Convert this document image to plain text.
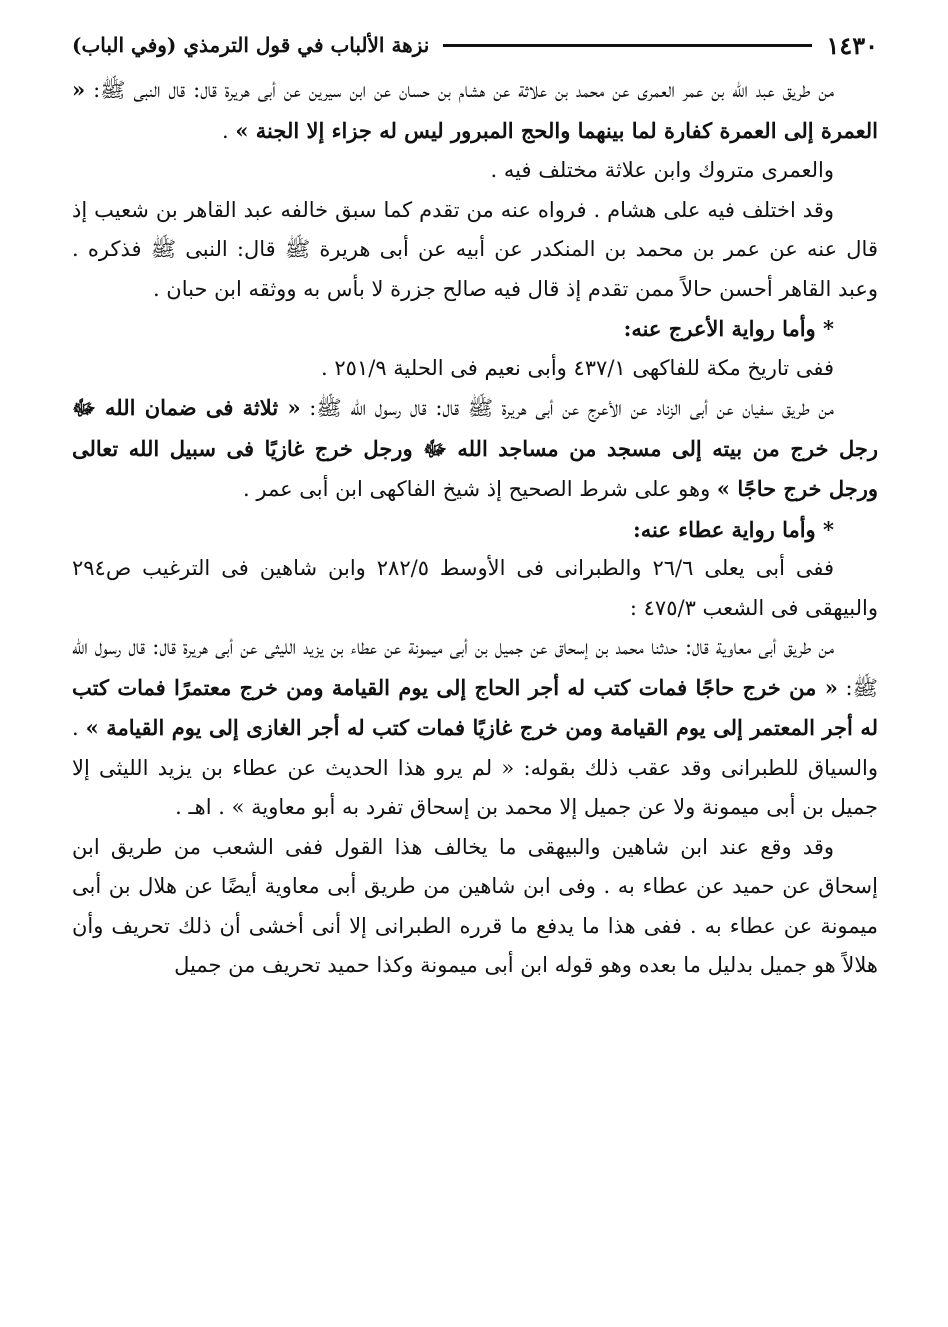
١٤٣٠
نزهة الألباب في قول الترمذي (وفي الباب)

من طريق عبد الله بن عمر العمرى عن محمد بن علاثة عن هشام بن حسان عن ابن سيرين عن أبى هريرة قال: قال النبى ﷺ: « العمرة إلى العمرة كفارة لما بينهما والحج المبرور ليس له جزاء إلا الجنة » .

والعمرى متروك وابن علاثة مختلف فيه .

وقد اختلف فيه على هشام . فرواه عنه من تقدم كما سبق خالفه عبد القاهر بن شعيب إذ قال عنه عن عمر بن محمد بن المنكدر عن أبيه عن أبى هريرة ﷺ قال: النبى ﷺ فذكره . وعبد القاهر أحسن حالاً ممن تقدم إذ قال فيه صالح جزرة لا بأس به ووثقه ابن حبان .

* وأما رواية الأعرج عنه:

ففى تاريخ مكة للفاكهى ٤٣٧/١ وأبى نعيم فى الحلية ٢٥١/٩ .

من طريق سفيان عن أبى الزناد عن الأعرج عن أبى هريرة ﷺ قال: قال رسول الله ﷺ: « ثلاثة فى ضمان الله ﷻ رجل خرج من بيته إلى مسجد من مساجد الله ﷻ ورجل خرج غازيًا فى سبيل الله تعالى ورجل خرج حاجًا » وهو على شرط الصحيح إذ شيخ الفاكهى ابن أبى عمر .

* وأما رواية عطاء عنه:

ففى أبى يعلى ٢٦/٦ والطبرانى فى الأوسط ٢٨٢/٥ وابن شاهين فى الترغيب ص٢٩٤ والبيهقى فى الشعب ٤٧٥/٣ :

من طريق أبى معاوية قال: حدثنا محمد بن إسحاق عن جميل بن أبى ميمونة عن عطاء بن يزيد الليثى عن أبى هريرة قال: قال رسول الله ﷺ: « من خرج حاجًا فمات كتب له أجر الحاج إلى يوم القيامة ومن خرج معتمرًا فمات كتب له أجر المعتمر إلى يوم القيامة ومن خرج غازيًا فمات كتب له أجر الغازى إلى يوم القيامة » . والسياق للطبرانى وقد عقب ذلك بقوله: « لم يرو هذا الحديث عن عطاء بن يزيد الليثى إلا جميل بن أبى ميمونة ولا عن جميل إلا محمد بن إسحاق تفرد به أبو معاوية » . اهـ .

وقد وقع عند ابن شاهين والبيهقى ما يخالف هذا القول ففى الشعب من طريق ابن إسحاق عن حميد عن عطاء به . وفى ابن شاهين من طريق أبى معاوية أيضًا عن هلال بن أبى ميمونة عن عطاء به . ففى هذا ما يدفع ما قرره الطبرانى إلا أنى أخشى أن ذلك تحريف وأن هلالاً هو جميل بدليل ما بعده وهو قوله ابن أبى ميمونة وكذا حميد تحريف من جميل
